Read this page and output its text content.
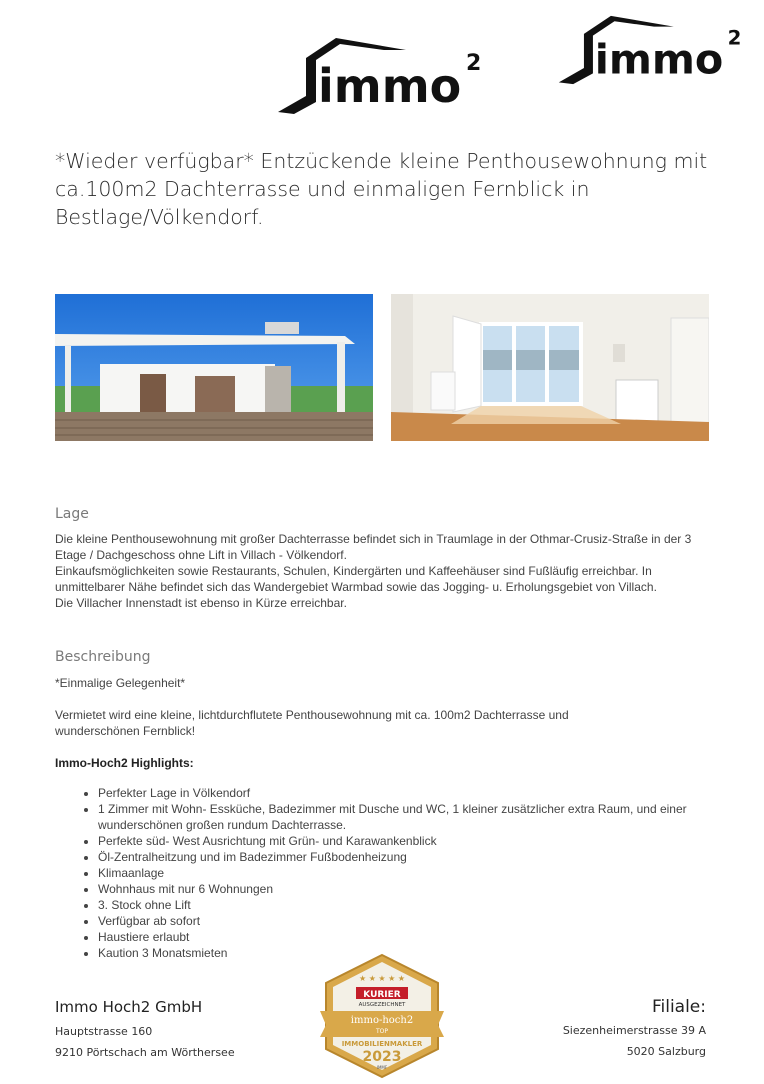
immo 2 immo 2
*Wieder verfügbar* Entzückende kleine Penthousewohnung mit ca.100m2 Dachterrasse und einmaligen Fernblick in Bestlage/Völkendorf.
Lage
Die kleine Penthousewohnung mit großer Dachterrasse befindet sich in Traumlage in der Othmar-Crusiz-Straße in der 3 Etage / Dachgeschoss ohne Lift in Villach - Völkendorf.
Einkaufsmöglichkeiten sowie Restaurants, Schulen, Kindergärten und Kaffeehäuser sind Fußläufig erreichbar. In unmittelbarer Nähe befindet sich das Wandergebiet Warmbad sowie das Jogging- u. Erholungsgebiet von Villach.
Die Villacher Innenstadt ist ebenso in Kürze erreichbar.
Beschreibung
*Einmalige Gelegenheit*
Vermietet wird eine kleine, lichtdurchflutete Penthousewohnung mit ca. 100m2 Dachterrasse und wunderschönen Fernblick!
Immo-Hoch2 Highlights:
• Perfekter Lage in Völkendorf
• 1 Zimmer mit Wohn- Essküche, Badezimmer mit Dusche und WC, 1 kleiner zusätzlicher extra Raum, und einer wunderschönen großen rundum Dachterrasse.
• Perfekte süd- West Ausrichtung mit Grün- und Karawankenblick
• Öl-Zentralheitzung und im Badezimmer Fußbodenheizung
• Klimaanlage
• Wohnhaus mit nur 6 Wohnungen
• 3. Stock ohne Lift
• Verfügbar ab sofort
• Haustiere erlaubt
• Kaution 3 Monatsmieten
Immo Hoch2 GmbH
Hauptstrasse 160
9210 Pörtschach am Wörthersee
Filiale:
Siezenheimerstrasse 39 A
5020 Salzburg
★ ★ ★ ★ ★
KURIER
AUSGEZEICHNET
immo-hoch2
TOP
IMMOBILIENMAKLER
2023
IMMF
